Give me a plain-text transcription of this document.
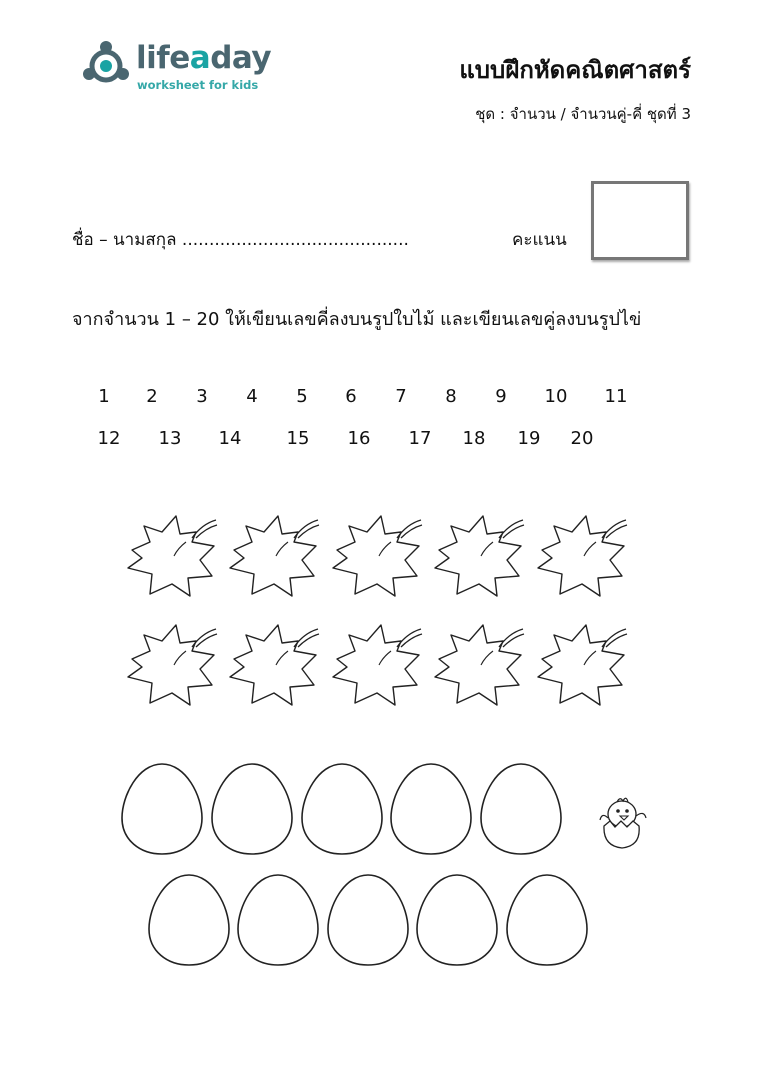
lifeaday
worksheet for kids
แบบฝึกหัดคณิตศาสตร์
ชุด : จำนวน / จำนวนคู่-คี่ ชุดที่ 3
ชื่อ – นามสกุล ..........................................	คะแนน
จากจำนวน 1 – 20 ให้เขียนเลขคี่ลงบนรูปใบไม้ และเขียนเลขคู่ลงบนรูปไข่
1	2	3	4	5	6	7	8	9	10	11
12	13	14	15	16	17	18	19	20
